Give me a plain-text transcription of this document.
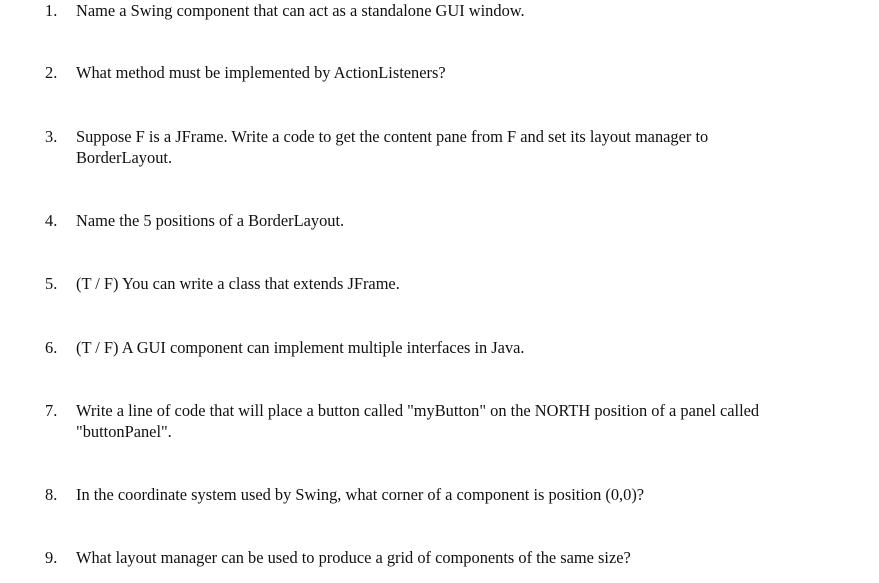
1. Name a Swing component that can act as a standalone GUI window.
2. What method must be implemented by ActionListeners?
3. Suppose F is a JFrame. Write a code to get the content pane from F and set its layout manager to
BorderLayout.
4. Name the 5 positions of a BorderLayout.
5. (T / F) You can write a class that extends JFrame.
6. (T / F) A GUI component can implement multiple interfaces in Java.
7. Write a line of code that will place a button called "myButton" on the NORTH position of a panel called
"buttonPanel".
8. In the coordinate system used by Swing, what corner of a component is position (0,0)?
9. What layout manager can be used to produce a grid of components of the same size?
